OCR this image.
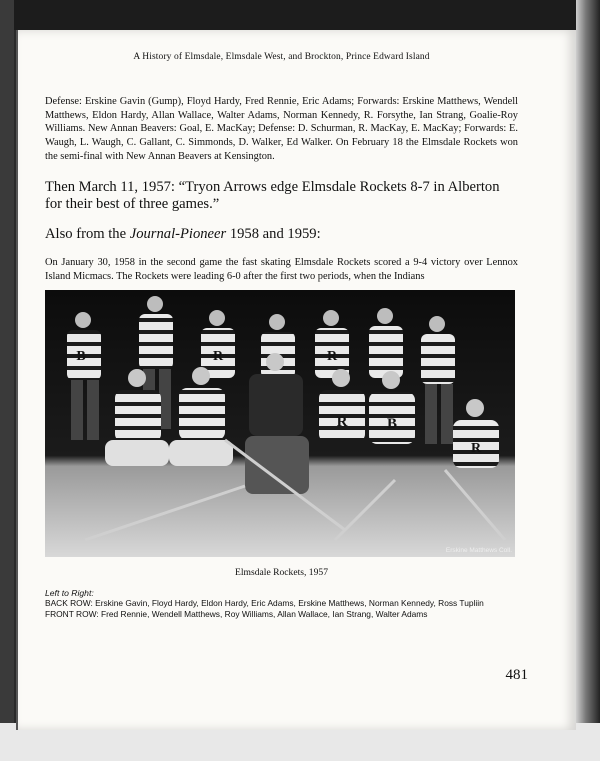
A History of Elmsdale, Elmsdale West, and Brockton, Prince Edward Island

Defense: Erskine Gavin (Gump), Floyd Hardy, Fred Rennie, Eric Adams; Forwards: Erskine Matthews, Wendell Matthews, Eldon Hardy, Allan Wallace, Walter Adams, Norman Kennedy, R. Forsythe, Ian Strang, Goalie-Roy Williams. New Annan Beavers: Goal, E. MacKay; Defense: D. Schurman, R. MacKay, E. MacKay; Forwards: E. Waugh, L. Waugh, C. Gallant, C. Simmonds, D. Walker, Ed Walker. On February 18 the Elmsdale Rockets won the semi-final with New Annan Beavers at Kensington.

Then March 11, 1957: “Tryon Arrows edge Elmsdale Rockets 8-7 in Alberton for their best of three games.”
Also from the Journal-Pioneer 1958 and 1959:

On January 30, 1958 in the second game the fast skating Elmsdale Rockets scored a 9-4 victory over Lennox Island Micmacs. The Rockets were leading 6-0 after the first two periods, when the Indians

R	R
R	B
R
B
Erskine Matthews Coll.
Elmsdale Rockets, 1957
Left to Right:
BACK ROW: Erskine Gavin, Floyd Hardy, Eldon Hardy, Eric Adams, Erskine Matthews, Norman Kennedy, Ross Tupliin
FRONT ROW: Fred Rennie, Wendell Matthews, Roy Williams, Allan Wallace, Ian Strang, Walter Adams
481
